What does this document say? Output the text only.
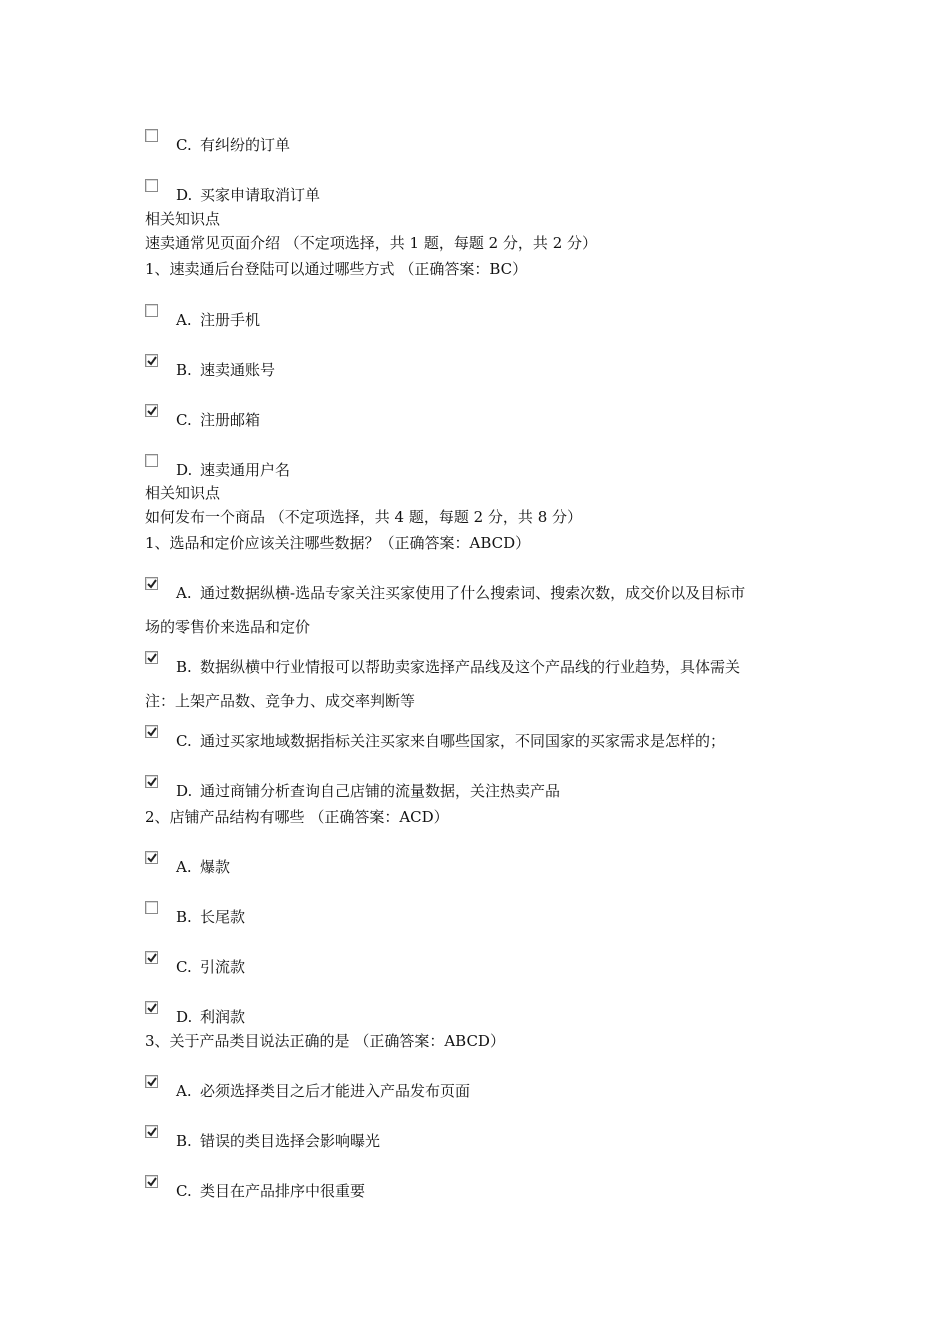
C. 有纠纷的订单
D. 买家申请取消订单
相关知识点
速卖通常见页面介绍 （不定项选择，共 1 题，每题 2 分，共 2 分）
1、速卖通后台登陆可以通过哪些方式 （正确答案：BC）
A. 注册手机
B. 速卖通账号
C. 注册邮箱
D. 速卖通用户名
相关知识点
如何发布一个商品 （不定项选择，共 4 题，每题 2 分，共 8 分）
1、选品和定价应该关注哪些数据？（正确答案：ABCD）
A. 通过数据纵横-选品专家关注买家使用了什么搜索词、搜索次数，成交价以及目标市
场的零售价来选品和定价
B. 数据纵横中行业情报可以帮助卖家选择产品线及这个产品线的行业趋势，具体需关
注：上架产品数、竞争力、成交率判断等
C. 通过买家地域数据指标关注买家来自哪些国家，不同国家的买家需求是怎样的；
D. 通过商铺分析查询自己店铺的流量数据，关注热卖产品
2、店铺产品结构有哪些 （正确答案：ACD）
A. 爆款
B. 长尾款
C. 引流款
D. 利润款
3、关于产品类目说法正确的是 （正确答案：ABCD）
A. 必须选择类目之后才能进入产品发布页面
B. 错误的类目选择会影响曝光
C. 类目在产品排序中很重要
